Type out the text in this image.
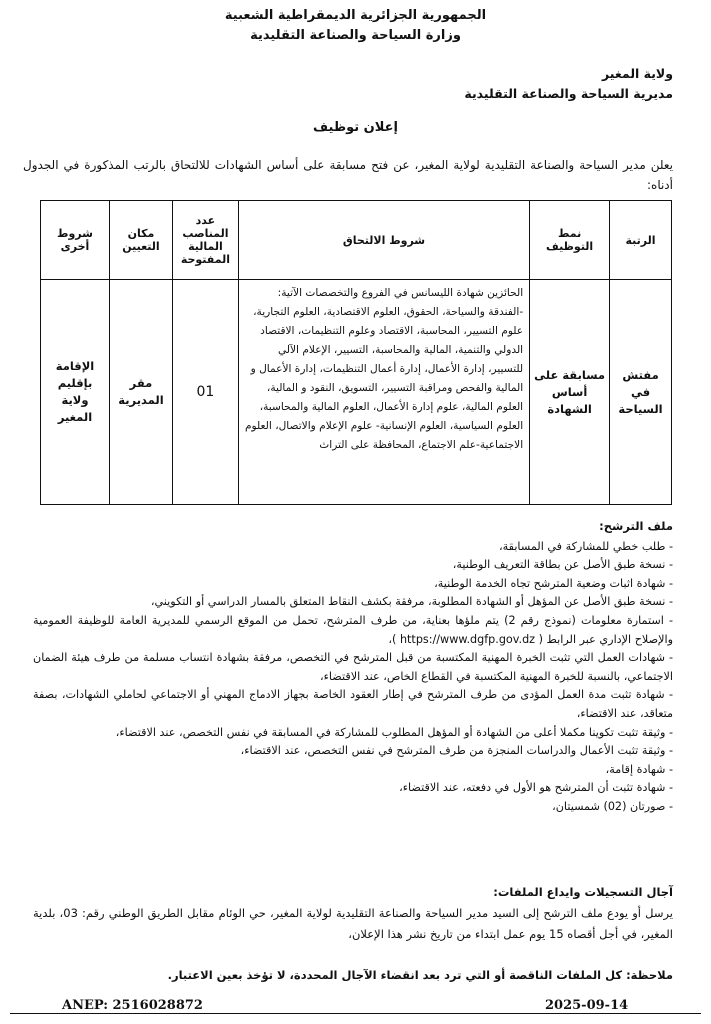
الجمهورية الجزائرية الديمقراطية الشعبية
وزارة السياحة والصناعة التقليدية
ولاية المغير
مديرية السياحة والصناعة التقليدية
إعلان توظيف
يعلن مدير السياحة والصناعة التقليدية لولاية المغير، عن فتح مسابقة على أساس الشهادات للالتحاق بالرتب المذكورة في الجدول أدناه:
الرتبة	نمط التوظيف	شروط الالتحاق	عدد المناصب المالية المفتوحة	مكان التعيين	شروط أخرى
مفتش في السياحة	مسابقة على أساس الشهادة	الحائزين شهادة الليسانس في الفروع والتخصصات الآتية: -الفندقة والسياحة، الحقوق، العلوم الاقتصادية، العلوم التجارية، علوم التسيير، المحاسبة، الاقتصاد وعلوم التنظيمات، الاقتصاد الدولي والتنمية، المالية والمحاسبة، التسيير، الإعلام الآلي للتسيير، إدارة الأعمال، إدارة أعمال التنظيمات، إدارة الأعمال و المالية والفحص ومراقبة التسيير، التسويق، النقود و المالية، العلوم المالية، علوم إدارة الأعمال، العلوم المالية والمحاسبة، العلوم السياسية، العلوم الإنسانية- علوم الإعلام والاتصال، العلوم الاجتماعية-علم الاجتماع، المحافظة على التراث	01	مقر المديرية	الإقامة بإقليم ولاية المغير
ملف الترشح:
- طلب خطي للمشاركة في المسابقة،
- نسخة طبق الأصل عن بطاقة التعريف الوطنية،
- شهادة اثبات وضعية المترشح تجاه الخدمة الوطنية،
- نسخة طبق الأصل عن المؤهل أو الشهادة المطلوبة، مرفقة بكشف النقاط المتعلق بالمسار الدراسي أو التكويني،
- استمارة معلومات (نموذج رقم 2) يتم ملؤها بعناية، من طرف المترشح، تحمل من الموقع الرسمي للمديرية العامة للوظيفة العمومية والإصلاح الإداري عبر الرابط ( https://www.dgfp.gov.dz )،
- شهادات العمل التي تثبت الخبرة المهنية المكتسبة من قبل المترشح في التخصص، مرفقة بشهادة انتساب مسلمة من طرف هيئة الضمان الاجتماعي، بالنسبة للخبرة المهنية المكتسبة في القطاع الخاص، عند الاقتضاء،
- شهادة تثبت مدة العمل المؤدى من طرف المترشح في إطار العقود الخاصة بجهاز الادماج المهني أو الاجتماعي لحاملي الشهادات، بصفة متعاقد، عند الاقتضاء،
- وثيقة تثبت تكوينا مكملا أعلى من الشهادة أو المؤهل المطلوب للمشاركة في المسابقة في نفس التخصص، عند الاقتضاء،
- وثيقة تثبت الأعمال والدراسات المنجزة من طرف المترشح في نفس التخصص، عند الاقتضاء،
- شهادة إقامة،
- شهادة تثبت أن المترشح هو الأول في دفعته، عند الاقتضاء،
- صورتان (02) شمسيتان،
آجال التسجيلات وايداع الملفات:
يرسل أو يودع ملف الترشح إلى السيد مدير السياحة والصناعة التقليدية لولاية المغير، حي الوئام مقابل الطريق الوطني رقم: 03، بلدية المغير، في أجل أقصاه 15 يوم عمل ابتداء من تاريخ نشر هذا الإعلان،
ملاحظة: كل الملفات الناقصة أو التي ترد بعد انقضاء الآجال المحددة، لا تؤخذ بعين الاعتبار.
ANEP: 2516028872	2025-09-14
